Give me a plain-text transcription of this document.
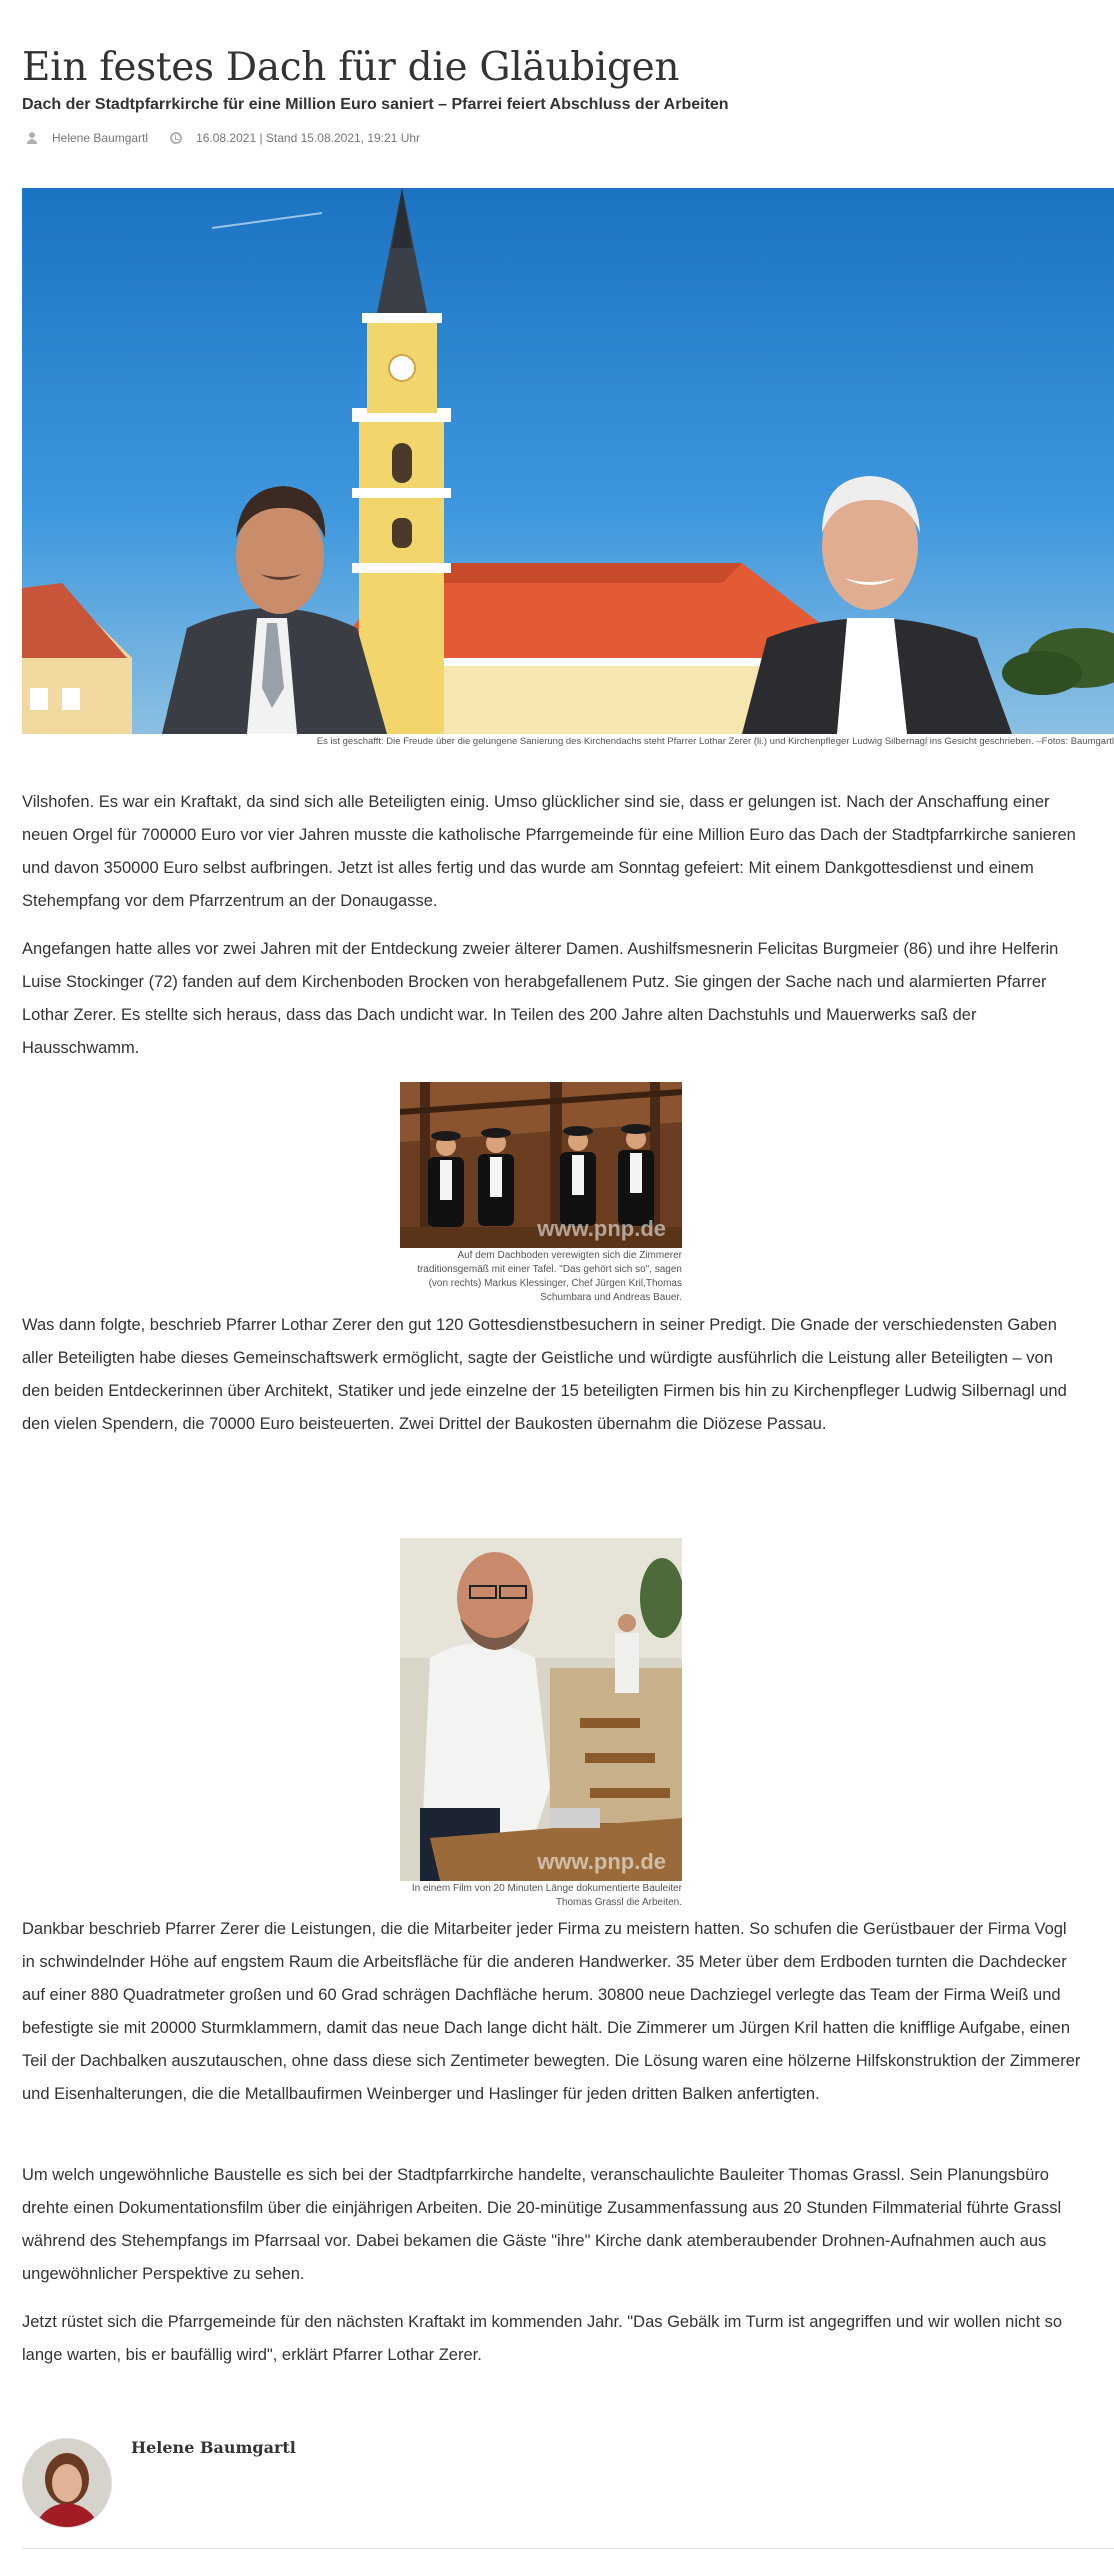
Ein festes Dach für die Gläubigen

Dach der Stadtpfarrkirche für eine Million Euro saniert – Pfarrei feiert Abschluss der Arbeiten

Helene Baumgartl	16.08.2021 | Stand 15.08.2021, 19:21 Uhr
Es ist geschafft: Die Freude über die gelungene Sanierung des Kirchendachs steht Pfarrer Lothar Zerer (li.) und Kirchenpfleger Ludwig Silbernagl ins Gesicht geschrieben. –Fotos: Baumgartl

Vilshofen. Es war ein Kraftakt, da sind sich alle Beteiligten einig. Umso glücklicher sind sie, dass er gelungen ist. Nach der Anschaffung einer neuen Orgel für 700000 Euro vor vier Jahren musste die katholische Pfarrgemeinde für eine Million Euro das Dach der Stadtpfarrkirche sanieren und davon 350000 Euro selbst aufbringen. Jetzt ist alles fertig und das wurde am Sonntag gefeiert: Mit einem Dankgottesdienst und einem Stehempfang vor dem Pfarrzentrum an der Donaugasse.

Angefangen hatte alles vor zwei Jahren mit der Entdeckung zweier älterer Damen. Aushilfsmesnerin Felicitas Burgmeier (86) und ihre Helferin Luise Stockinger (72) fanden auf dem Kirchenboden Brocken von herabgefallenem Putz. Sie gingen der Sache nach und alarmierten Pfarrer Lothar Zerer. Es stellte sich heraus, dass das Dach undicht war. In Teilen des 200 Jahre alten Dachstuhls und Mauerwerks saß der Hausschwamm.

www.pnp.de
Auf dem Dachboden verewigten sich die Zimmerer traditionsgemäß mit einer Tafel. "Das gehört sich so", sagen (von rechts) Markus Klessinger, Chef Jürgen Kril,Thomas Schumbara und Andreas Bauer.

Was dann folgte, beschrieb Pfarrer Lothar Zerer den gut 120 Gottesdienstbesuchern in seiner Predigt. Die Gnade der verschiedensten Gaben aller Beteiligten habe dieses Gemeinschaftswerk ermöglicht, sagte der Geistliche und würdigte ausführlich die Leistung aller Beteiligten – von den beiden Entdeckerinnen über Architekt, Statiker und jede einzelne der 15 beteiligten Firmen bis hin zu Kirchenpfleger Ludwig Silbernagl und den vielen Spendern, die 70000 Euro beisteuerten. Zwei Drittel der Baukosten übernahm die Diözese Passau.

www.pnp.de
In einem Film von 20 Minuten Länge dokumentierte Bauleiter Thomas Grassl die Arbeiten.

Dankbar beschrieb Pfarrer Zerer die Leistungen, die die Mitarbeiter jeder Firma zu meistern hatten. So schufen die Gerüstbauer der Firma Vogl in schwindelnder Höhe auf engstem Raum die Arbeitsfläche für die anderen Handwerker. 35 Meter über dem Erdboden turnten die Dachdecker auf einer 880 Quadratmeter großen und 60 Grad schrägen Dachfläche herum. 30800 neue Dachziegel verlegte das Team der Firma Weiß und befestigte sie mit 20000 Sturmklammern, damit das neue Dach lange dicht hält. Die Zimmerer um Jürgen Kril hatten die knifflige Aufgabe, einen Teil der Dachbalken auszutauschen, ohne dass diese sich Zentimeter bewegten. Die Lösung waren eine hölzerne Hilfskonstruktion der Zimmerer und Eisenhalterungen, die die Metallbaufirmen Weinberger und Haslinger für jeden dritten Balken anfertigten.

Um welch ungewöhnliche Baustelle es sich bei der Stadtpfarrkirche handelte, veranschaulichte Bauleiter Thomas Grassl. Sein Planungsbüro drehte einen Dokumentationsfilm über die einjährigen Arbeiten. Die 20-minütige Zusammenfassung aus 20 Stunden Filmmaterial führte Grassl während des Stehempfangs im Pfarrsaal vor. Dabei bekamen die Gäste "ihre" Kirche dank atemberaubender Drohnen-Aufnahmen auch aus ungewöhnlicher Perspektive zu sehen.

Jetzt rüstet sich die Pfarrgemeinde für den nächsten Kraftakt im kommenden Jahr. "Das Gebälk im Turm ist angegriffen und wir wollen nicht so lange warten, bis er baufällig wird", erklärt Pfarrer Lothar Zerer.

Helene Baumgartl
